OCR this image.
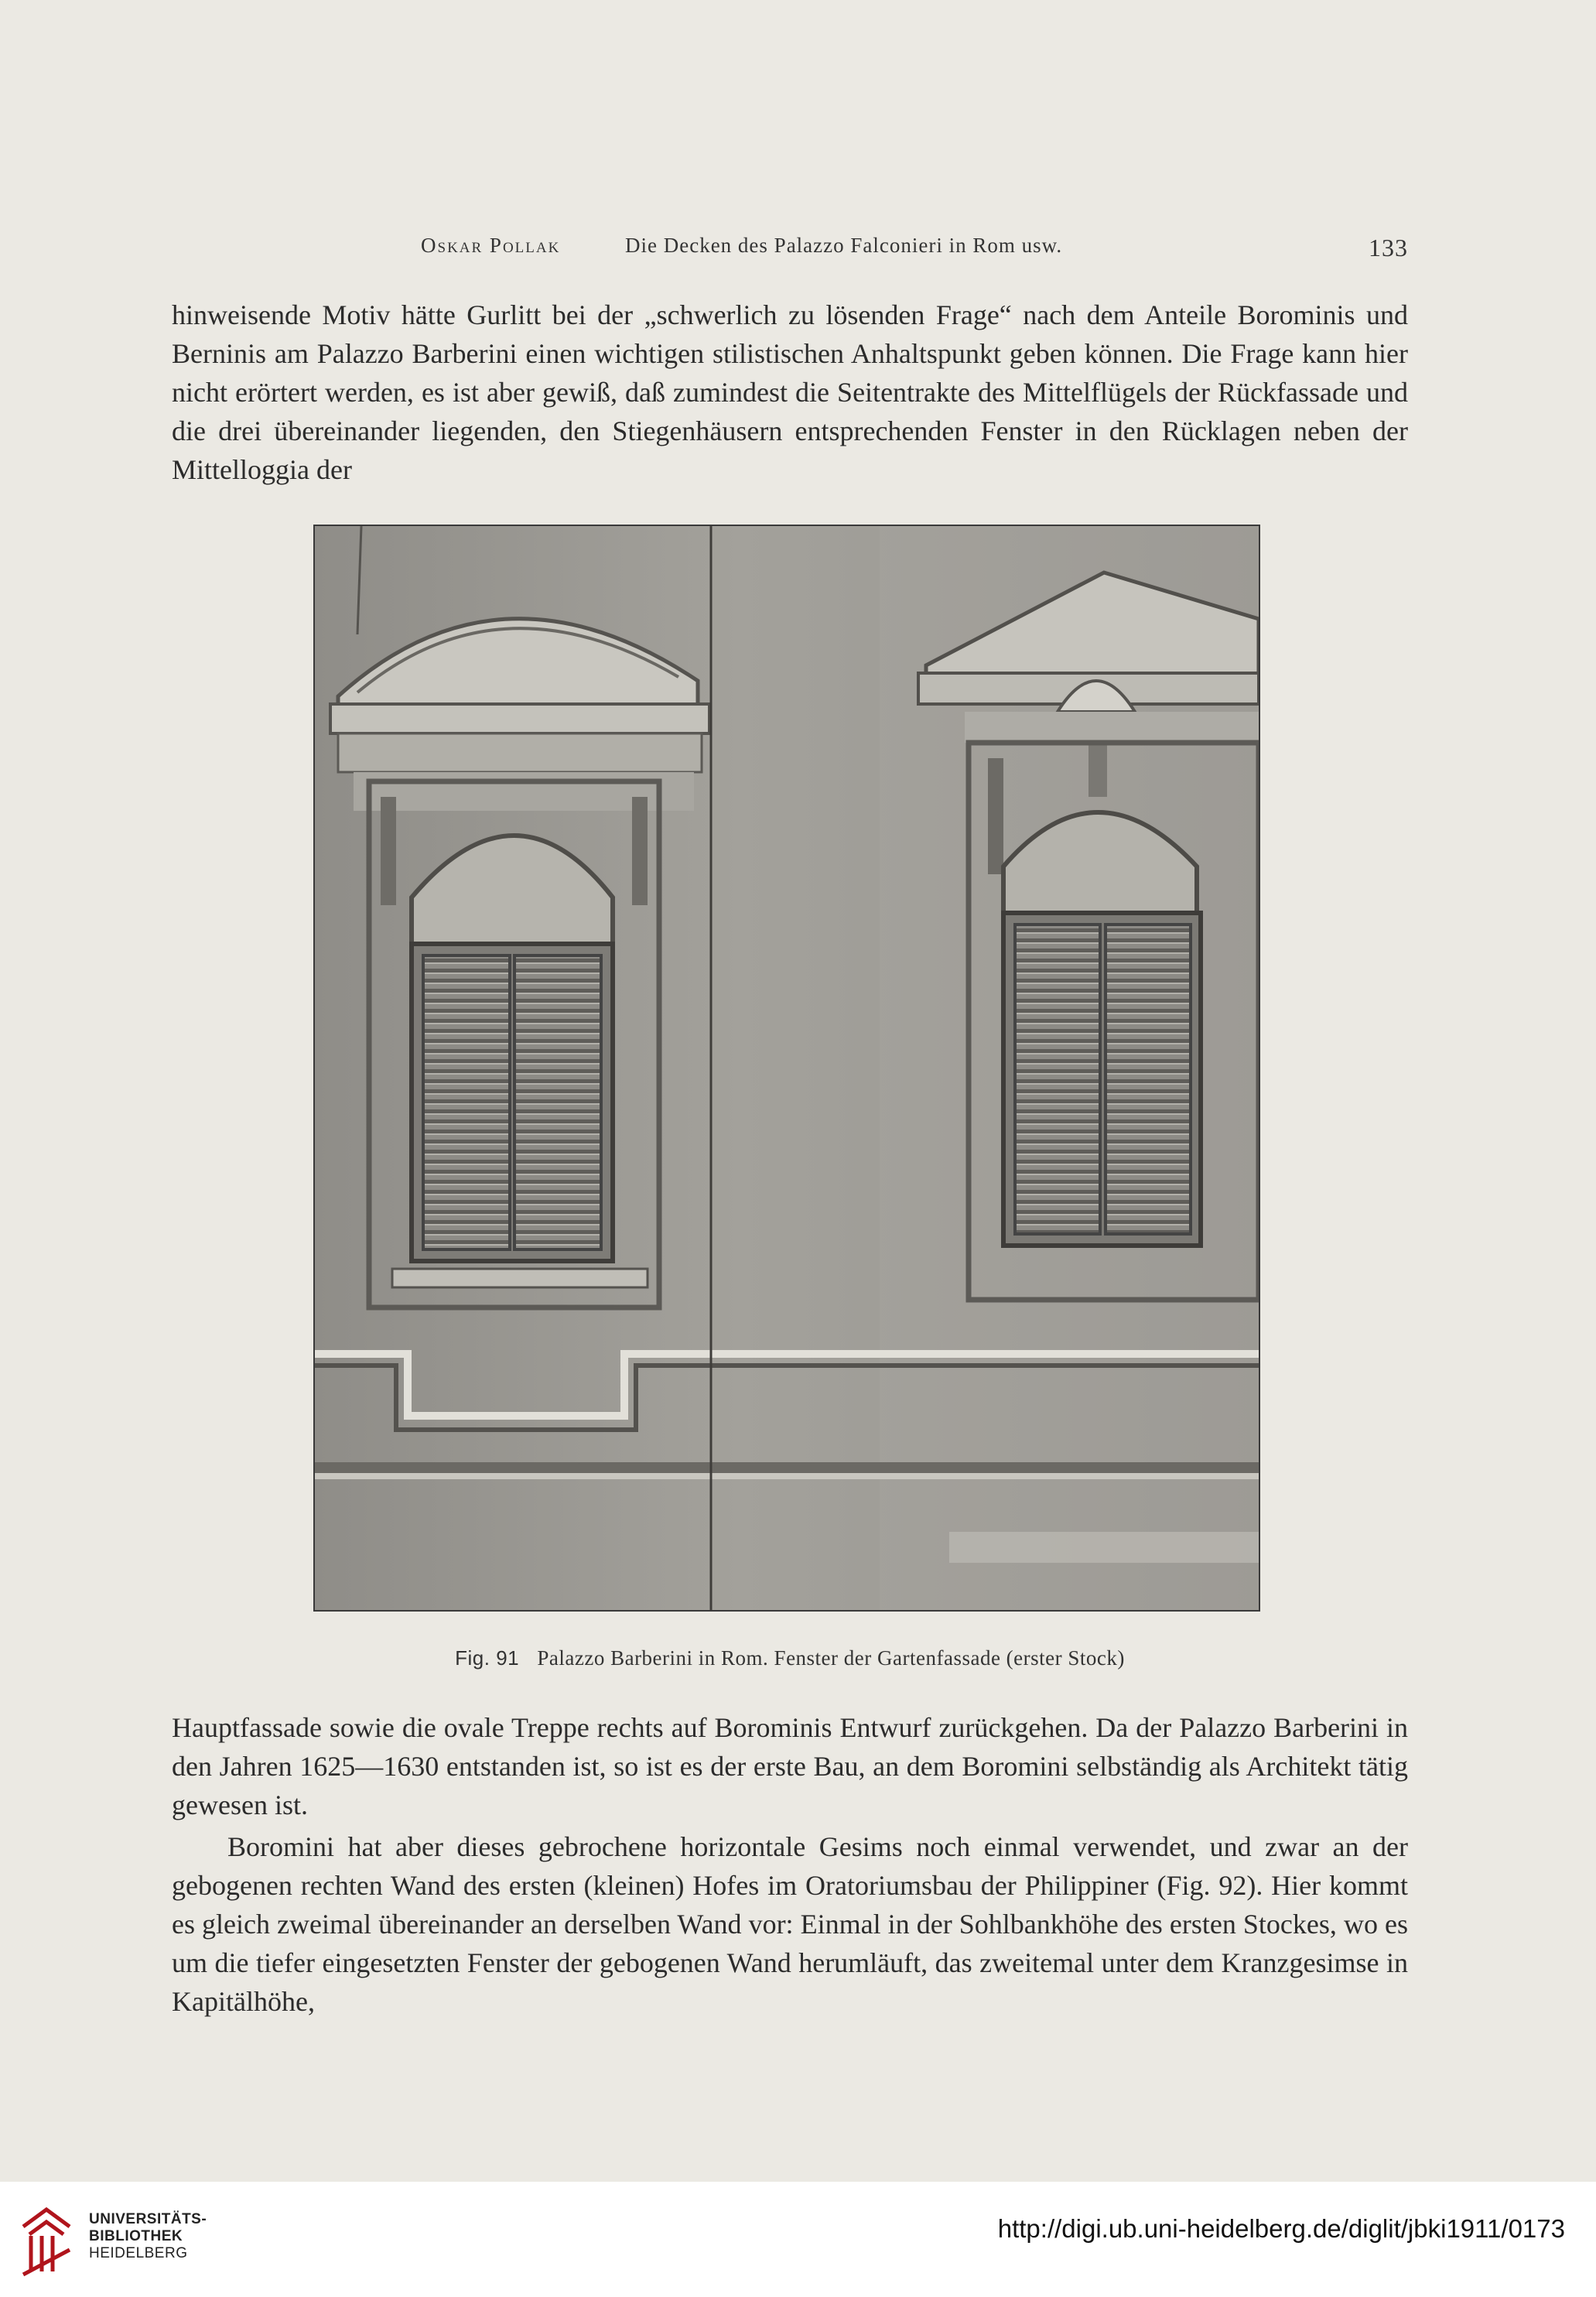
Oskar Pollak	Die Decken des Palazzo Falconieri in Rom usw.	133

hinweisende Motiv hätte Gurlitt bei der „schwerlich zu lösenden Frage“ nach dem Anteile Borominis und Berninis am Palazzo Barberini einen wichtigen stilistischen Anhaltspunkt geben können. Die Frage kann hier nicht erörtert werden, es ist aber gewiß, daß zumindest die Seitentrakte des Mittelflügels der Rückfassade und die drei übereinander liegenden, den Stiegenhäusern entsprechenden Fenster in den Rücklagen neben der Mittelloggia der

Fig. 91 Palazzo Barberini in Rom. Fenster der Gartenfassade (erster Stock)

Hauptfassade sowie die ovale Treppe rechts auf Borominis Entwurf zurückgehen. Da der Palazzo Barberini in den Jahren 1625—1630 entstanden ist, so ist es der erste Bau, an dem Boromini selbständig als Architekt tätig gewesen ist.

Boromini hat aber dieses gebrochene horizontale Gesims noch einmal verwendet, und zwar an der gebogenen rechten Wand des ersten (kleinen) Hofes im Oratoriumsbau der Philippiner (Fig. 92). Hier kommt es gleich zweimal übereinander an derselben Wand vor: Einmal in der Sohlbankhöhe des ersten Stockes, wo es um die tiefer eingesetzten Fenster der gebogenen Wand herumläuft, das zweitemal unter dem Kranzgesimse in Kapitälhöhe,

UNIVERSITÄTS-
BIBLIOTHEK
HEIDELBERG
http://digi.ub.uni-heidelberg.de/diglit/jbki1911/0173
